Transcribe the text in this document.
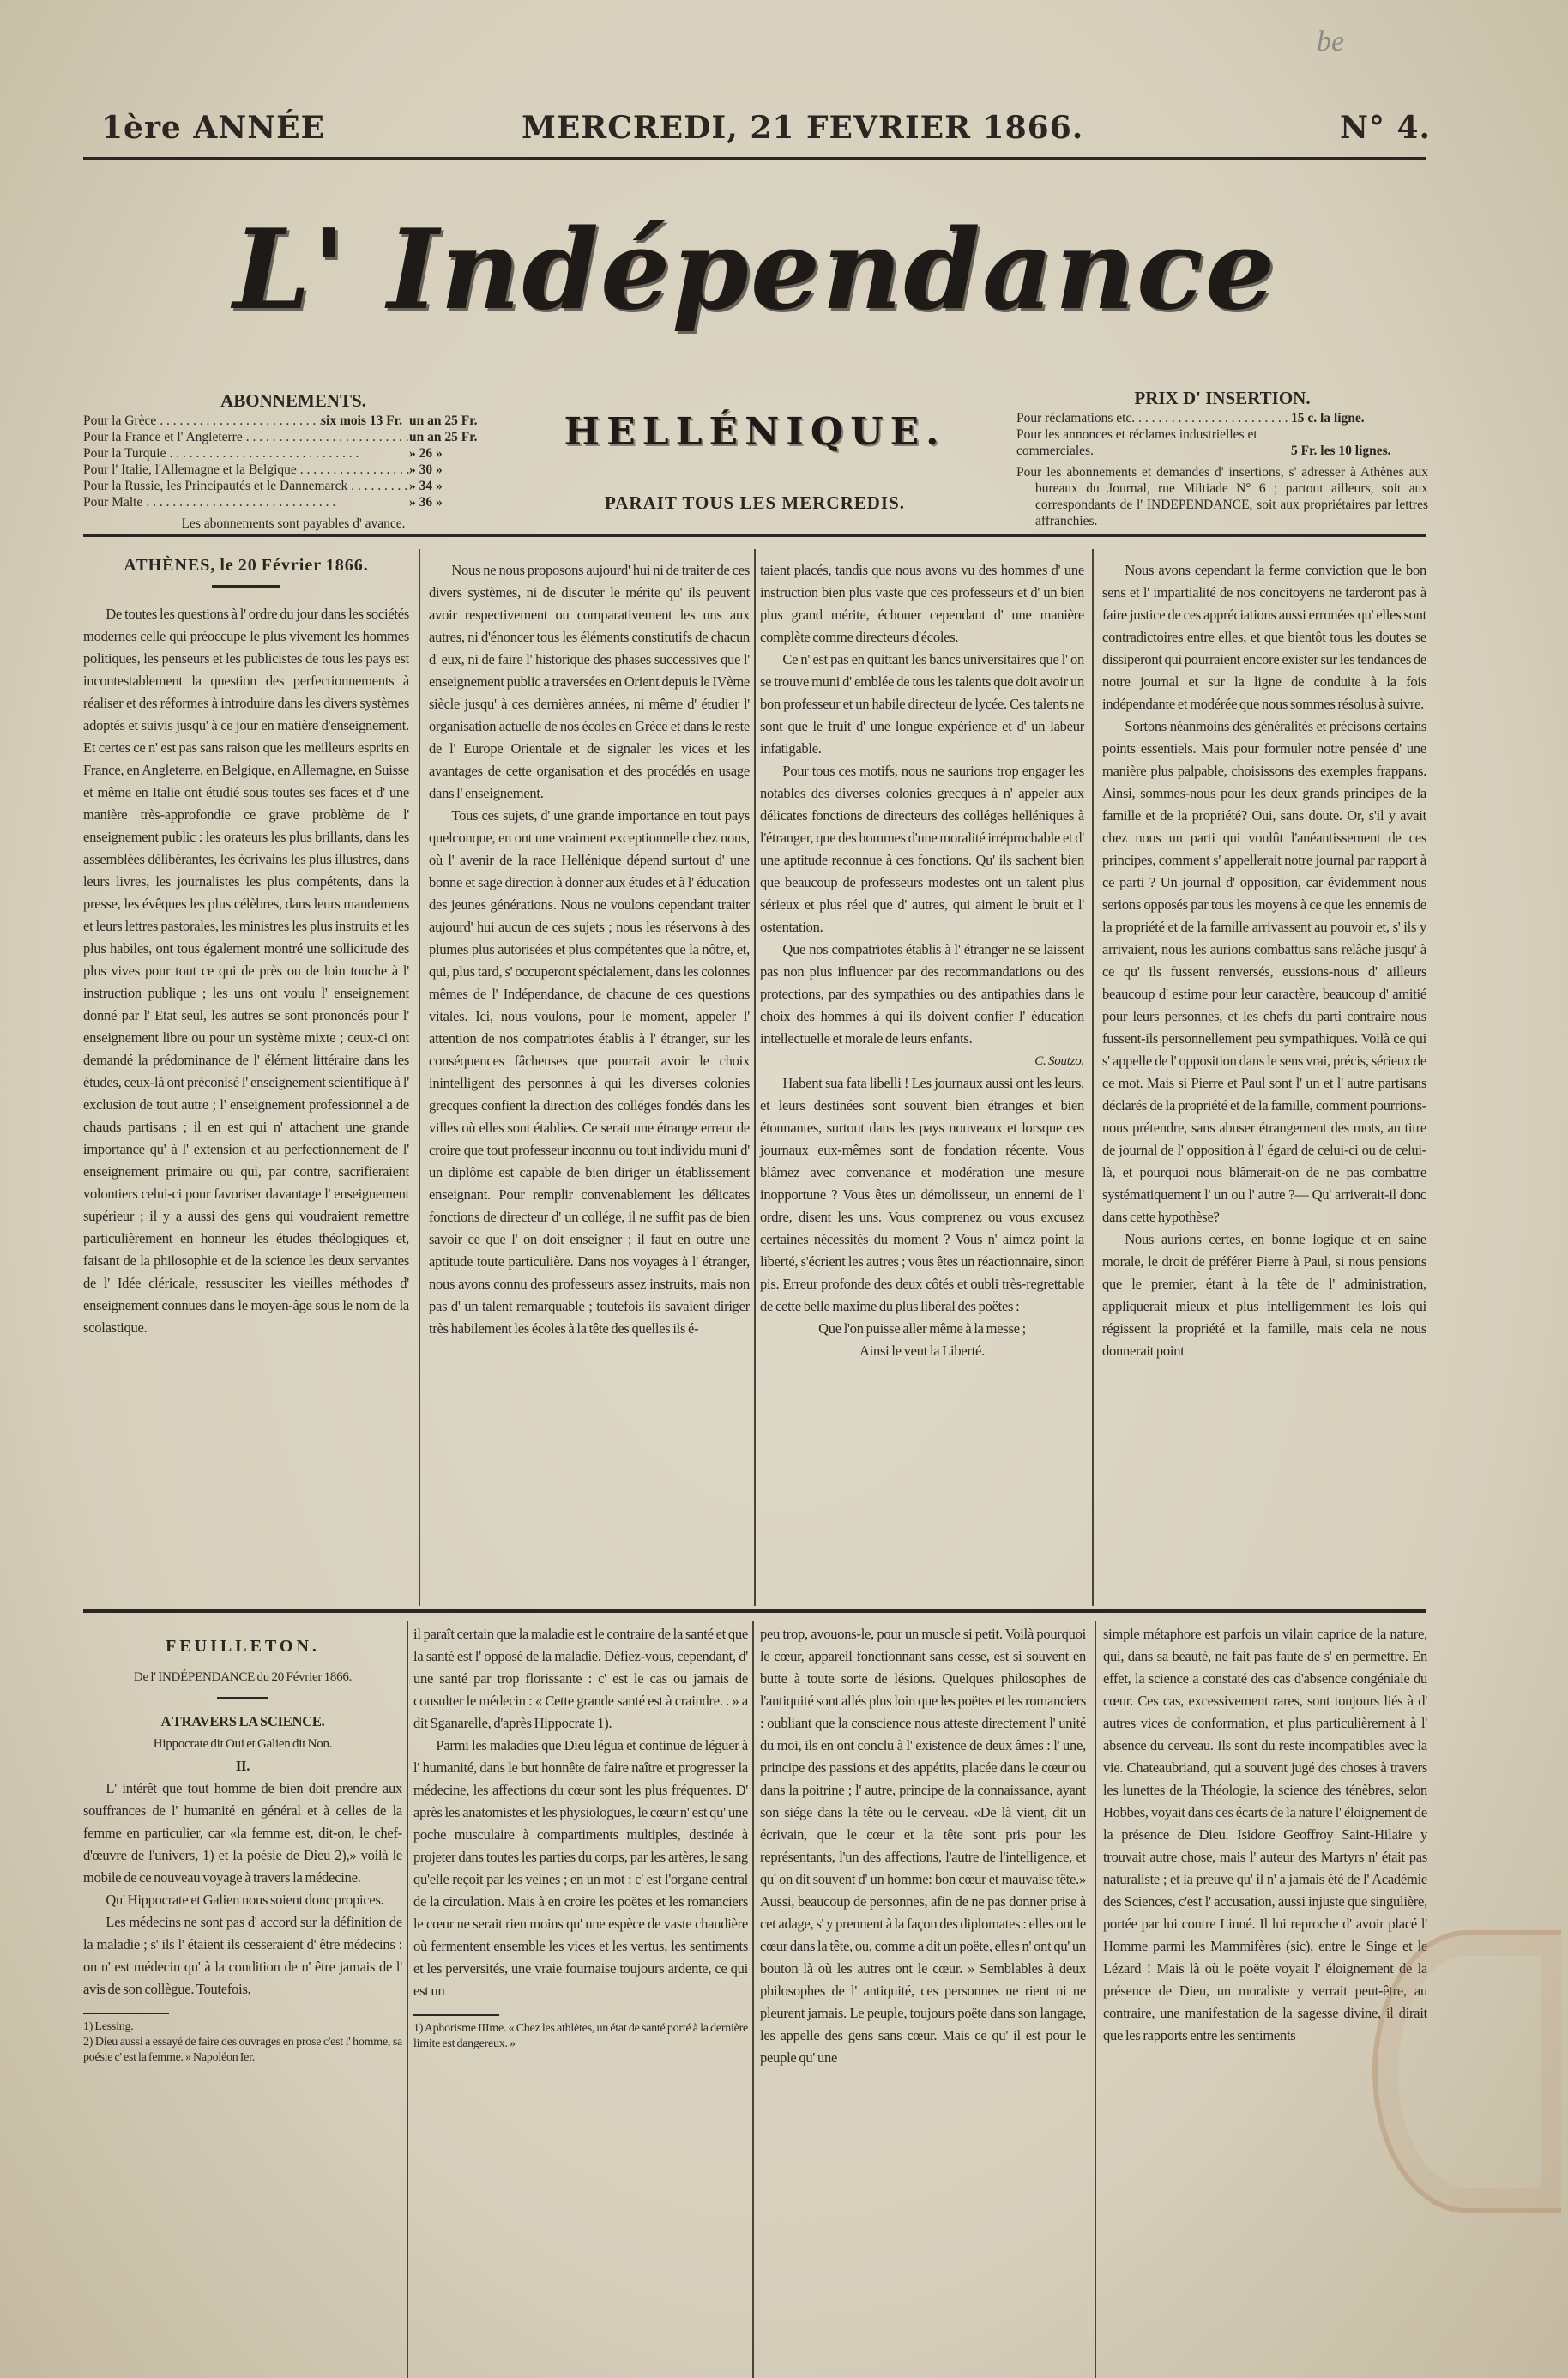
be
1ère ANNÉE	MERCREDI, 21 FEVRIER 1866.	N° 4.
L' Indépendance
HELLÉNIQUE.
PARAIT TOUS LES MERCREDIS.
ABONNEMENTS.
Pour la Grèce . . .	six mois 13 Fr. un an 25 Fr.
Pour la France et l' Angleterre . . .	un an 25 Fr.
Pour la Turquie . . .	» 26 »
Pour l' Italie, l'Allemagne et la Belgique . . .	» 30 »
Pour la Russie, les Principautés et le Dannemarck . . .	» 34 »
Pour Malte . . .	» 36 »
Les abonnements sont payables d' avance.
PRIX D' INSERTION.
Pour réclamations etc. . . .	15 c. la ligne.
Pour les annonces et réclames industrielles et commerciales.	5 Fr. les 10 lignes.
Pour les abonnements et demandes d' insertions, s' adresser à Athènes aux bureaux du Journal, rue Miltiade N° 6 ; partout ailleurs, soit aux correspondants de l' INDEPENDANCE, soit aux propriétaires par lettres affranchies.
ATHÈNES, le 20 Février 1866.

De toutes les questions à l' ordre du jour dans les sociétés modernes celle qui préoccupe le plus vivement les hommes politiques, les penseurs et les publicistes de tous les pays est incontestablement la question des perfectionnements à réaliser et des réformes à introduire dans les divers systèmes adoptés et suivis jusqu' à ce jour en matière d'enseignement. Et certes ce n' est pas sans raison que les meilleurs esprits en France, en Angleterre, en Belgique, en Allemagne, en Suisse et même en Italie ont étudié sous toutes ses faces et d' une manière très-approfondie ce grave problème de l' enseignement public : les orateurs les plus brillants, dans les assemblées délibérantes, les écrivains les plus illustres, dans leurs livres, les journalistes les plus compétents, dans la presse, les évêques les plus célèbres, dans leurs mandemens et leurs lettres pastorales, les ministres les plus instruits et les plus habiles, ont tous également montré une sollicitude des plus vives pour tout ce qui de près ou de loin touche à l' instruction publique ; les uns ont voulu l' enseignement donné par l' Etat seul, les autres se sont prononcés pour l' enseignement libre ou pour un système mixte ; ceux-ci ont demandé la prédominance de l' élément littéraire dans les études, ceux-là ont préconisé l' enseignement scientifique à l' exclusion de tout autre ; l' enseignement professionnel a de chauds partisans ; il en est qui n' attachent une grande importance qu' à l' extension et au perfectionnement de l' enseignement primaire ou qui, par contre, sacrifieraient volontiers celui-ci pour favoriser davantage l' enseignement supérieur ; il y a aussi des gens qui voudraient remettre particulièrement en honneur les études théologiques et, faisant de la philosophie et de la science les deux servantes de l' Idée cléricale, ressusciter les vieilles méthodes d' enseignement connues dans le moyen-âge sous le nom de la scolastique.

Nous ne nous proposons aujourd' hui ni de traiter de ces divers systèmes, ni de discuter le mérite qu' ils peuvent avoir respectivement ou comparativement les uns aux autres, ni d'énoncer tous les éléments constitutifs de chacun d' eux, ni de faire l' historique des phases successives que l' enseignement public a traversées en Orient depuis le IVème siècle jusqu' à ces dernières années, ni même d' étudier l' organisation actuelle de nos écoles en Grèce et dans le reste de l' Europe Orientale et de signaler les vices et les avantages de cette organisation et des procédés en usage dans l' enseignement.

Tous ces sujets, d' une grande importance en tout pays quelconque, en ont une vraiment exceptionnelle chez nous, où l' avenir de la race Hellénique dépend surtout d' une bonne et sage direction à donner aux études et à l' éducation des jeunes générations. Nous ne voulons cependant traiter aujourd' hui aucun de ces sujets ; nous les réservons à des plumes plus autorisées et plus compétentes que la nôtre, et, qui, plus tard, s' occuperont spécialement, dans les colonnes mêmes de l' Indépendance, de chacune de ces questions vitales. Ici, nous voulons, pour le moment, appeler l' attention de nos compatriotes établis à l' étranger, sur les conséquences fâcheuses que pourrait avoir le choix inintelligent des personnes à qui les diverses colonies grecques confient la direction des colléges fondés dans les villes où elles sont établies. Ce serait une étrange erreur de croire que tout professeur inconnu ou tout individu muni d' un diplôme est capable de bien diriger un établissement enseignant. Pour remplir convenablement les délicates fonctions de directeur d' un collége, il ne suffit pas de bien savoir ce que l' on doit enseigner ; il faut en outre une aptitude toute particulière. Dans nos voyages à l' étranger, nous avons connu des professeurs assez instruits, mais non pas d' un talent remarquable ; toutefois ils savaient diriger très habilement les écoles à la tête des quelles ils é-

taient placés, tandis que nous avons vu des hommes d' une instruction bien plus vaste que ces professeurs et d' un bien plus grand mérite, échouer cependant d' une manière complète comme directeurs d'écoles.

Ce n' est pas en quittant les bancs universitaires que l' on se trouve muni d' emblée de tous les talents que doit avoir un bon professeur et un habile directeur de lycée. Ces talents ne sont que le fruit d' une longue expérience et d' un labeur infatigable.

Pour tous ces motifs, nous ne saurions trop engager les notables des diverses colonies grecques à n' appeler aux délicates fonctions de directeurs des colléges helléniques à l'étranger, que des hommes d'une moralité irréprochable et d' une aptitude reconnue à ces fonctions. Qu' ils sachent bien que beaucoup de professeurs modestes ont un talent plus sérieux et plus réel que d' autres, qui aiment le bruit et l' ostentation.

Que nos compatriotes établis à l' étranger ne se laissent pas non plus influencer par des recommandations ou des protections, par des sympathies ou des antipathies dans le choix des hommes à qui ils doivent confier l' éducation intellectuelle et morale de leurs enfants.

C. Soutzo.

Habent sua fata libelli ! Les journaux aussi ont les leurs, et leurs destinées sont souvent bien étranges et bien étonnantes, surtout dans les pays nouveaux et lorsque ces journaux eux-mêmes sont de fondation récente. Vous blâmez avec convenance et modération une mesure inopportune ? Vous êtes un démolisseur, un ennemi de l' ordre, disent les uns. Vous comprenez ou vous excusez certaines nécessités du moment ? Vous n' aimez point la liberté, s'écrient les autres ; vous êtes un réactionnaire, sinon pis. Erreur profonde des deux côtés et oubli très-regrettable de cette belle maxime du plus libéral des poëtes :

Que l'on puisse aller même à la messe ;

Ainsi le veut la Liberté.

Nous avons cependant la ferme conviction que le bon sens et l' impartialité de nos concitoyens ne tarderont pas à faire justice de ces appréciations aussi erronées qu' elles sont contradictoires entre elles, et que bientôt tous les doutes se dissiperont qui pourraient encore exister sur les tendances de notre journal et sur la ligne de conduite à la fois indépendante et modérée que nous sommes résolus à suivre.

Sortons néanmoins des généralités et précisons certains points essentiels. Mais pour formuler notre pensée d' une manière plus palpable, choisissons des exemples frappans. Ainsi, sommes-nous pour les deux grands principes de la famille et de la propriété? Oui, sans doute. Or, s'il y avait chez nous un parti qui voulût l'anéantissement de ces principes, comment s' appellerait notre journal par rapport à ce parti ? Un journal d' opposition, car évidemment nous serions opposés par tous les moyens à ce que les ennemis de la propriété et de la famille arrivassent au pouvoir et, s' ils y arrivaient, nous les aurions combattus sans relâche jusqu' à ce qu' ils fussent renversés, eussions-nous d' ailleurs beaucoup d' estime pour leur caractère, beaucoup d' amitié pour leurs personnes, et les chefs du parti contraire nous fussent-ils personnellement peu sympathiques. Voilà ce qui s' appelle de l' opposition dans le sens vrai, précis, sérieux de ce mot. Mais si Pierre et Paul sont l' un et l' autre partisans déclarés de la propriété et de la famille, comment pourrions-nous prétendre, sans abuser étrangement des mots, au titre de journal de l' opposition à l' égard de celui-ci ou de celui-là, et pourquoi nous blâmerait-on de ne pas combattre systématiquement l' un ou l' autre ?— Qu' arriverait-il donc dans cette hypothèse?

Nous aurions certes, en bonne logique et en saine morale, le droit de préférer Pierre à Paul, si nous pensions que le premier, étant à la tête de l' administration, appliquerait mieux et plus intelligemment les lois qui régissent la propriété et la famille, mais cela ne nous donnerait point

FEUILLETON.

De l' INDÉPENDANCE du 20 Février 1866.

A TRAVERS LA SCIENCE.

Hippocrate dit Oui et Galien dit Non.

II.

L' intérêt que tout homme de bien doit prendre aux souffrances de l' humanité en général et à celles de la femme en particulier, car «la femme est, dit-on, le chef-d'œuvre de l'univers, 1) et la poésie de Dieu 2),» voilà le mobile de ce nouveau voyage à travers la médecine.

Qu' Hippocrate et Galien nous soient donc propices.

Les médecins ne sont pas d' accord sur la définition de la maladie ; s' ils l' étaient ils cesseraient d' être médecins : on n' est médecin qu' à la condition de n' être jamais de l' avis de son collègue. Toutefois,

1) Lessing.

2) Dieu aussi a essayé de faire des ouvrages en prose c'est l' homme, sa poésie c' est la femme. » Napoléon Ier.

il paraît certain que la maladie est le contraire de la santé et que la santé est l' opposé de la maladie. Défiez-vous, cependant, d' une santé par trop florissante : c' est le cas ou jamais de consulter le médecin : « Cette grande santé est à craindre. . » a dit Sganarelle, d'après Hippocrate 1).

Parmi les maladies que Dieu légua et continue de léguer à l' humanité, dans le but honnête de faire naître et progresser la médecine, les affections du cœur sont les plus fréquentes. D' après les anatomistes et les physiologues, le cœur n' est qu' une poche musculaire à compartiments multiples, destinée à projeter dans toutes les parties du corps, par les artères, le sang qu'elle reçoit par les veines ; en un mot : c' est l'organe central de la circulation. Mais à en croire les poëtes et les romanciers le cœur ne serait rien moins qu' une espèce de vaste chaudière où fermentent ensemble les vices et les vertus, les sentiments et les perversités, une vraie fournaise toujours ardente, ce qui est un

1) Aphorisme IIIme. « Chez les athlètes, un état de santé porté à la dernière limite est dangereux. »

peu trop, avouons-le, pour un muscle si petit. Voilà pourquoi le cœur, appareil fonctionnant sans cesse, est si souvent en butte à toute sorte de lésions. Quelques philosophes de l'antiquité sont allés plus loin que les poëtes et les romanciers : oubliant que la conscience nous atteste directement l' unité du moi, ils en ont conclu à l' existence de deux âmes : l' une, principe des passions et des appétits, placée dans le cœur ou dans la poitrine ; l' autre, principe de la connaissance, ayant son siége dans la tête ou le cerveau. «De là vient, dit un écrivain, que le cœur et la tête sont pris pour les représentants, l'un des affections, l'autre de l'intelligence, et qu' on dit souvent d' un homme: bon cœur et mauvaise tête.» Aussi, beaucoup de personnes, afin de ne pas donner prise à cet adage, s' y prennent à la façon des diplomates : elles ont le cœur dans la tête, ou, comme a dit un poëte, elles n' ont qu' un bouton là où les autres ont le cœur. » Semblables à deux philosophes de l' antiquité, ces personnes ne rient ni ne pleurent jamais. Le peuple, toujours poëte dans son langage, les appelle des gens sans cœur. Mais ce qu' il est pour le peuple qu' une

simple métaphore est parfois un vilain caprice de la nature, qui, dans sa beauté, ne fait pas faute de s' en permettre. En effet, la science a constaté des cas d'absence congéniale du cœur. Ces cas, excessivement rares, sont toujours liés à d' autres vices de conformation, et plus particulièrement à l' absence du cerveau. Ils sont du reste incompatibles avec la vie. Chateaubriand, qui a souvent jugé des choses à travers les lunettes de la Théologie, la science des ténèbres, selon Hobbes, voyait dans ces écarts de la nature l' éloignement de la présence de Dieu. Isidore Geoffroy Saint-Hilaire y trouvait autre chose, mais l' auteur des Martyrs n' était pas naturaliste ; et la preuve qu' il n' a jamais été de l' Académie des Sciences, c'est l' accusation, aussi injuste que singulière, portée par lui contre Linné. Il lui reproche d' avoir placé l' Homme parmi les Mammifères (sic), entre le Singe et le Lézard ! Mais là où le poëte voyait l' éloignement de la présence de Dieu, un moraliste y verrait peut-être, au contraire, une manifestation de la sagesse divine, il dirait que les rapports entre les sentiments
